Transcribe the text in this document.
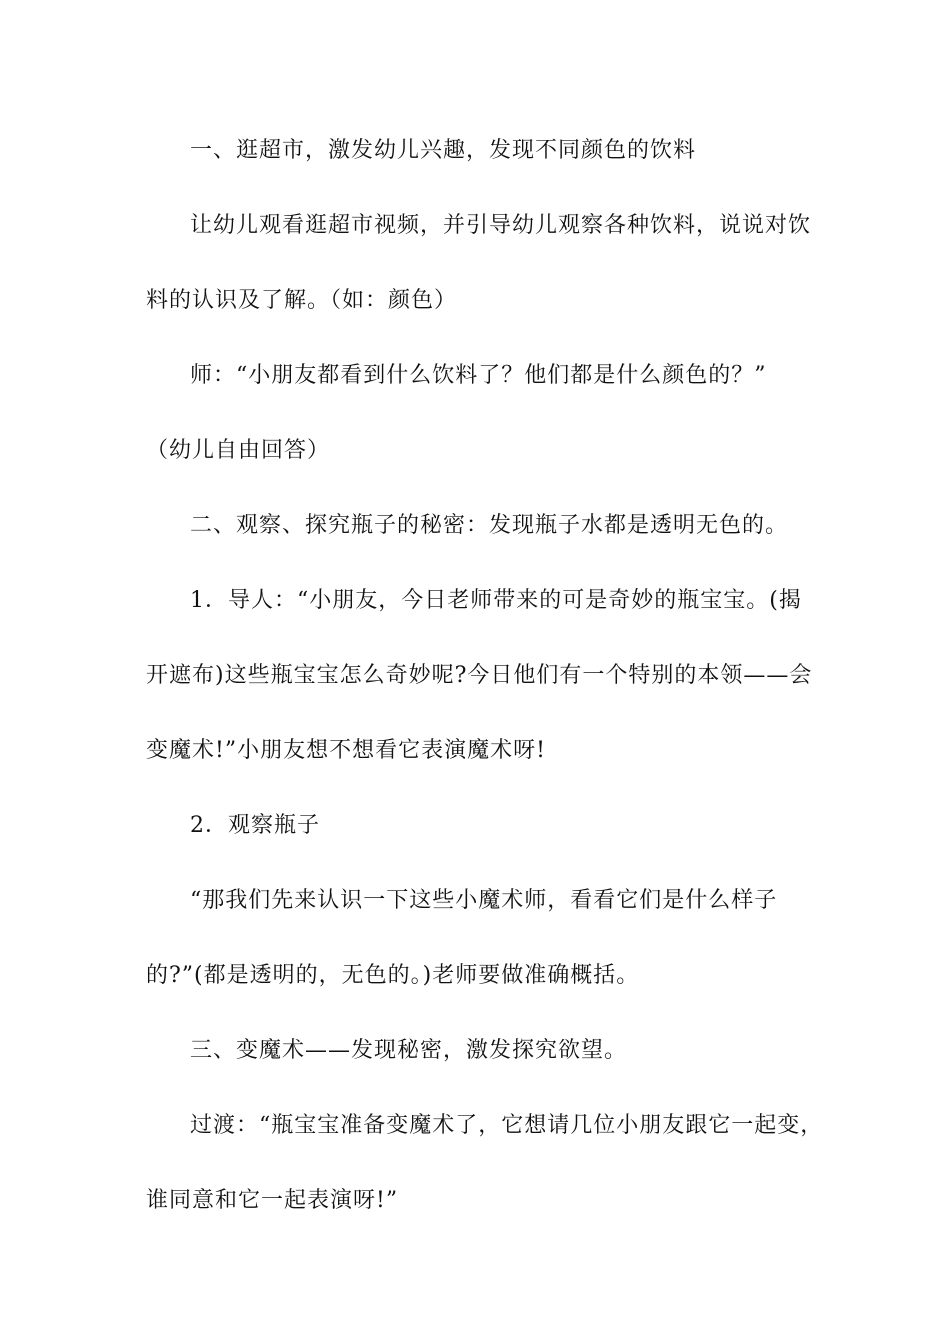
一、逛超市，激发幼儿兴趣，发现不同颜色的饮料
让幼儿观看逛超市视频，并引导幼儿观察各种饮料，说说对饮
料的认识及了解。（如：颜色）
师：“小朋友都看到什么饮料了？他们都是什么颜色的？”
（幼儿自由回答）
二、观察、探究瓶子的秘密：发现瓶子水都是透明无色的。
1．导人：“小朋友，今日老师带来的可是奇妙的瓶宝宝。(揭
开遮布)这些瓶宝宝怎么奇妙呢?今日他们有一个特别的本领——会
变魔术!”小朋友想不想看它表演魔术呀!
2．观察瓶子
“那我们先来认识一下这些小魔术师，看看它们是什么样子
的?”(都是透明的，无色的。)老师要做准确概括。
三、变魔术——发现秘密，激发探究欲望。
过渡：“瓶宝宝准备变魔术了，它想请几位小朋友跟它一起变，
谁同意和它一起表演呀!”
